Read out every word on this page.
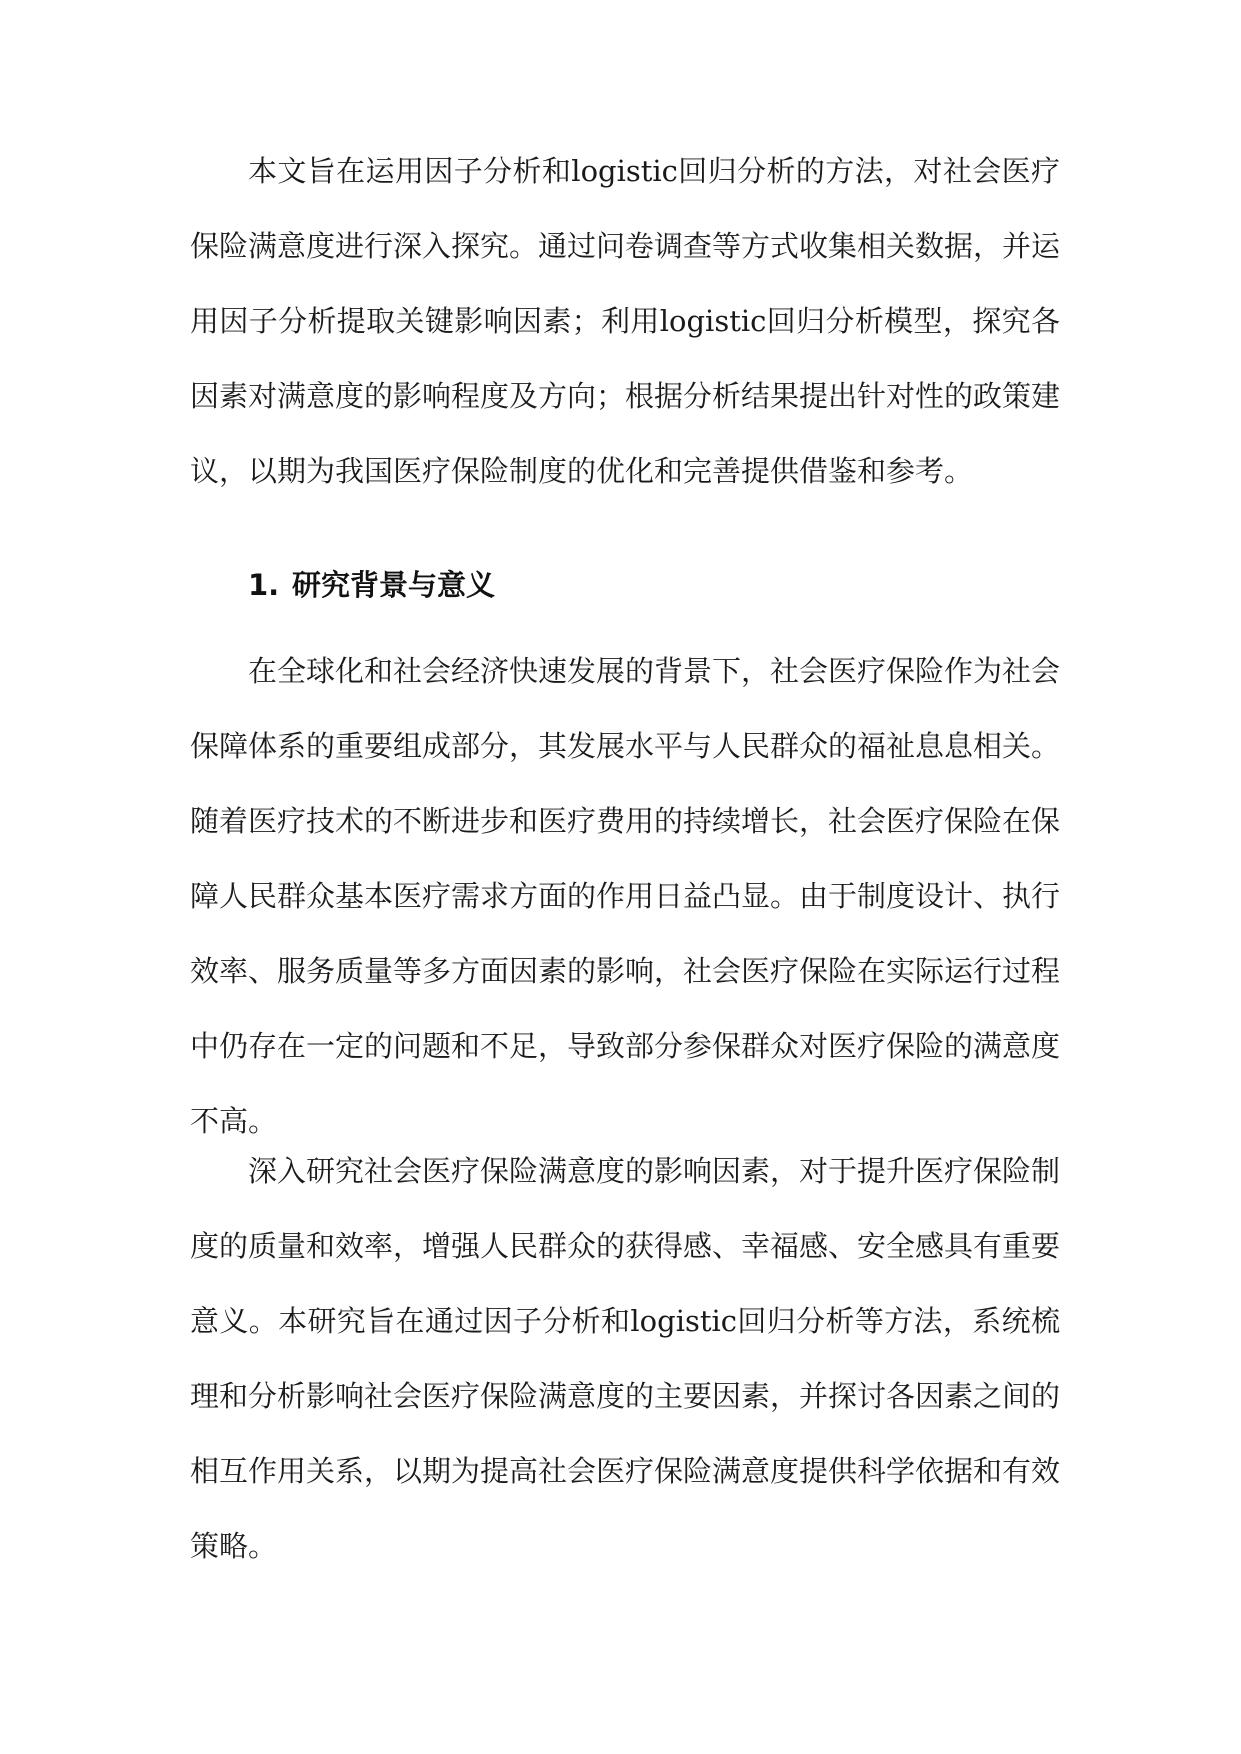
本文旨在运用因子分析和logistic回归分析的方法，对社会医疗保险满意度进行深入探究。通过问卷调查等方式收集相关数据，并运用因子分析提取关键影响因素；利用logistic回归分析模型，探究各因素对满意度的影响程度及方向；根据分析结果提出针对性的政策建议，以期为我国医疗保险制度的优化和完善提供借鉴和参考。

1. 研究背景与意义

在全球化和社会经济快速发展的背景下，社会医疗保险作为社会保障体系的重要组成部分，其发展水平与人民群众的福祉息息相关。随着医疗技术的不断进步和医疗费用的持续增长，社会医疗保险在保障人民群众基本医疗需求方面的作用日益凸显。由于制度设计、执行效率、服务质量等多方面因素的影响，社会医疗保险在实际运行过程中仍存在一定的问题和不足，导致部分参保群众对医疗保险的满意度不高。

深入研究社会医疗保险满意度的影响因素，对于提升医疗保险制度的质量和效率，增强人民群众的获得感、幸福感、安全感具有重要意义。本研究旨在通过因子分析和logistic回归分析等方法，系统梳理和分析影响社会医疗保险满意度的主要因素，并探讨各因素之间的相互作用关系，以期为提高社会医疗保险满意度提供科学依据和有效策略。
